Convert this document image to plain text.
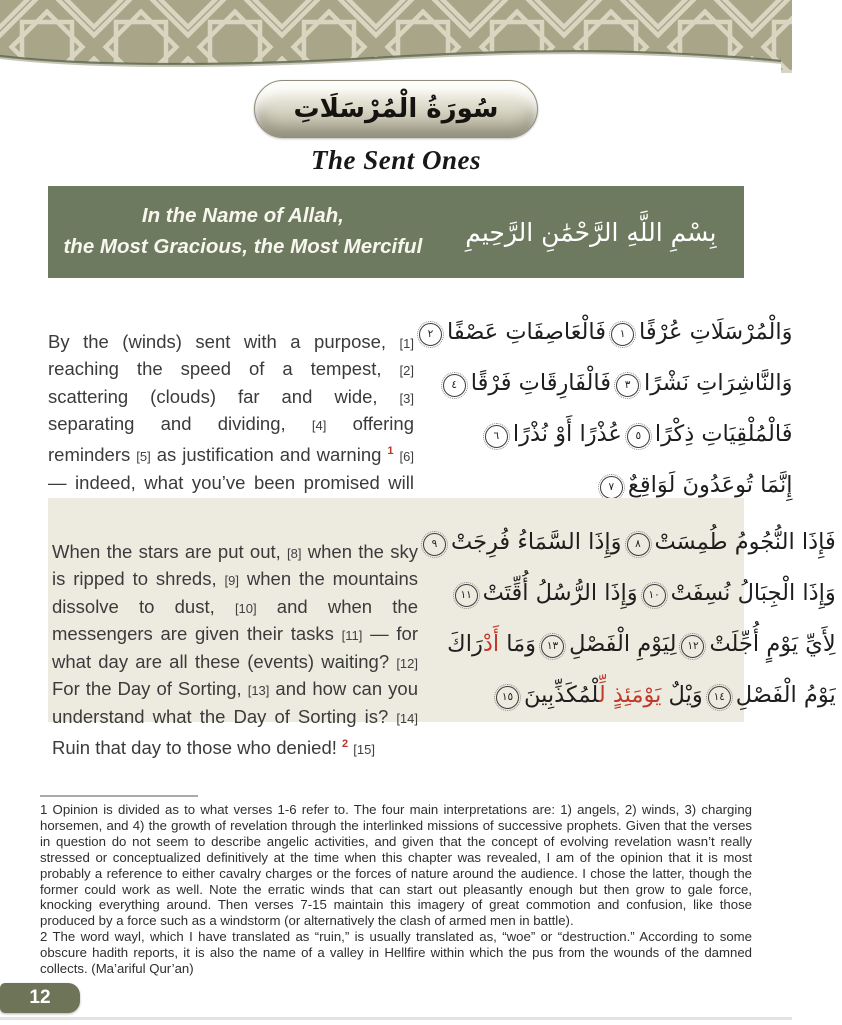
سُورَةُ الْمُرْسَلَاتِ
The Sent Ones
In the Name of Allah,
the Most Gracious, the Most Merciful	بِسْمِ اللَّهِ الرَّحْمَٰنِ الرَّحِيمِ

By the (winds) sent with a purpose, [1] reaching the speed of a tempest, [2] scattering (clouds) far and wide, [3] separating and dividing, [4] offering reminders [5] as justification and warning $^1$ [6] — indeed, what you’ve been promised will

وَالْمُرْسَلَاتِ عُرْفًا١فَالْعَاصِفَاتِ عَصْفًا٢
وَالنَّاشِرَاتِ نَشْرًا٣فَالْفَارِقَاتِ فَرْقًا٤
فَالْمُلْقِيَاتِ ذِكْرًا٥عُذْرًا أَوْ نُذْرًا٦
إِنَّمَا تُوعَدُونَ لَوَاقِعٌ٧

When the stars are put out, [8] when the sky is ripped to shreds, [9] when the mountains dissolve to dust, [10] and when the messengers are given their tasks [11] — for what day are all these (events) waiting? [12] For the Day of Sorting, [13] and how can you understand what the Day of Sorting is? [14] Ruin that day to those who denied! $^2$ [15]

فَإِذَا النُّجُومُ طُمِسَتْ٨وَإِذَا السَّمَاءُ فُرِجَتْ٩
وَإِذَا الْجِبَالُ نُسِفَتْ١٠وَإِذَا الرُّسُلُ أُقِّتَتْ١١
لِأَيِّ يَوْمٍ أُجِّلَتْ١٢لِيَوْمِ الْفَصْلِ١٣وَمَا أَدْرَاكَ
يَوْمُ الْفَصْلِ١٤وَيْلٌ يَوْمَئِذٍ لِّلْمُكَذِّبِينَ١٥
1 Opinion is divided as to what verses 1-6 refer to. The four main interpretations are: 1) angels, 2) winds, 3) charging horsemen, and 4) the growth of revelation through the interlinked missions of successive prophets. Given that the verses in question do not seem to describe angelic activities, and given that the concept of evolving revelation wasn’t really stressed or conceptualized definitively at the time when this chapter was revealed, I am of the opinion that it is most probably a reference to either cavalry charges or the forces of nature around the audience. I chose the latter, though the former could work as well. Note the erratic winds that can start out pleasantly enough but then grow to gale force, knocking everything around. Then verses 7-15 maintain this imagery of great commotion and confusion, like those produced by a force such as a windstorm (or alternatively the clash of armed men in battle).
2 The word wayl, which I have translated as “ruin,” is usually translated as, “woe” or “destruction.” According to some obscure hadith reports, it is also the name of a valley in Hellfire within which the pus from the wounds of the damned collects. (Ma’ariful Qur’an)
12
